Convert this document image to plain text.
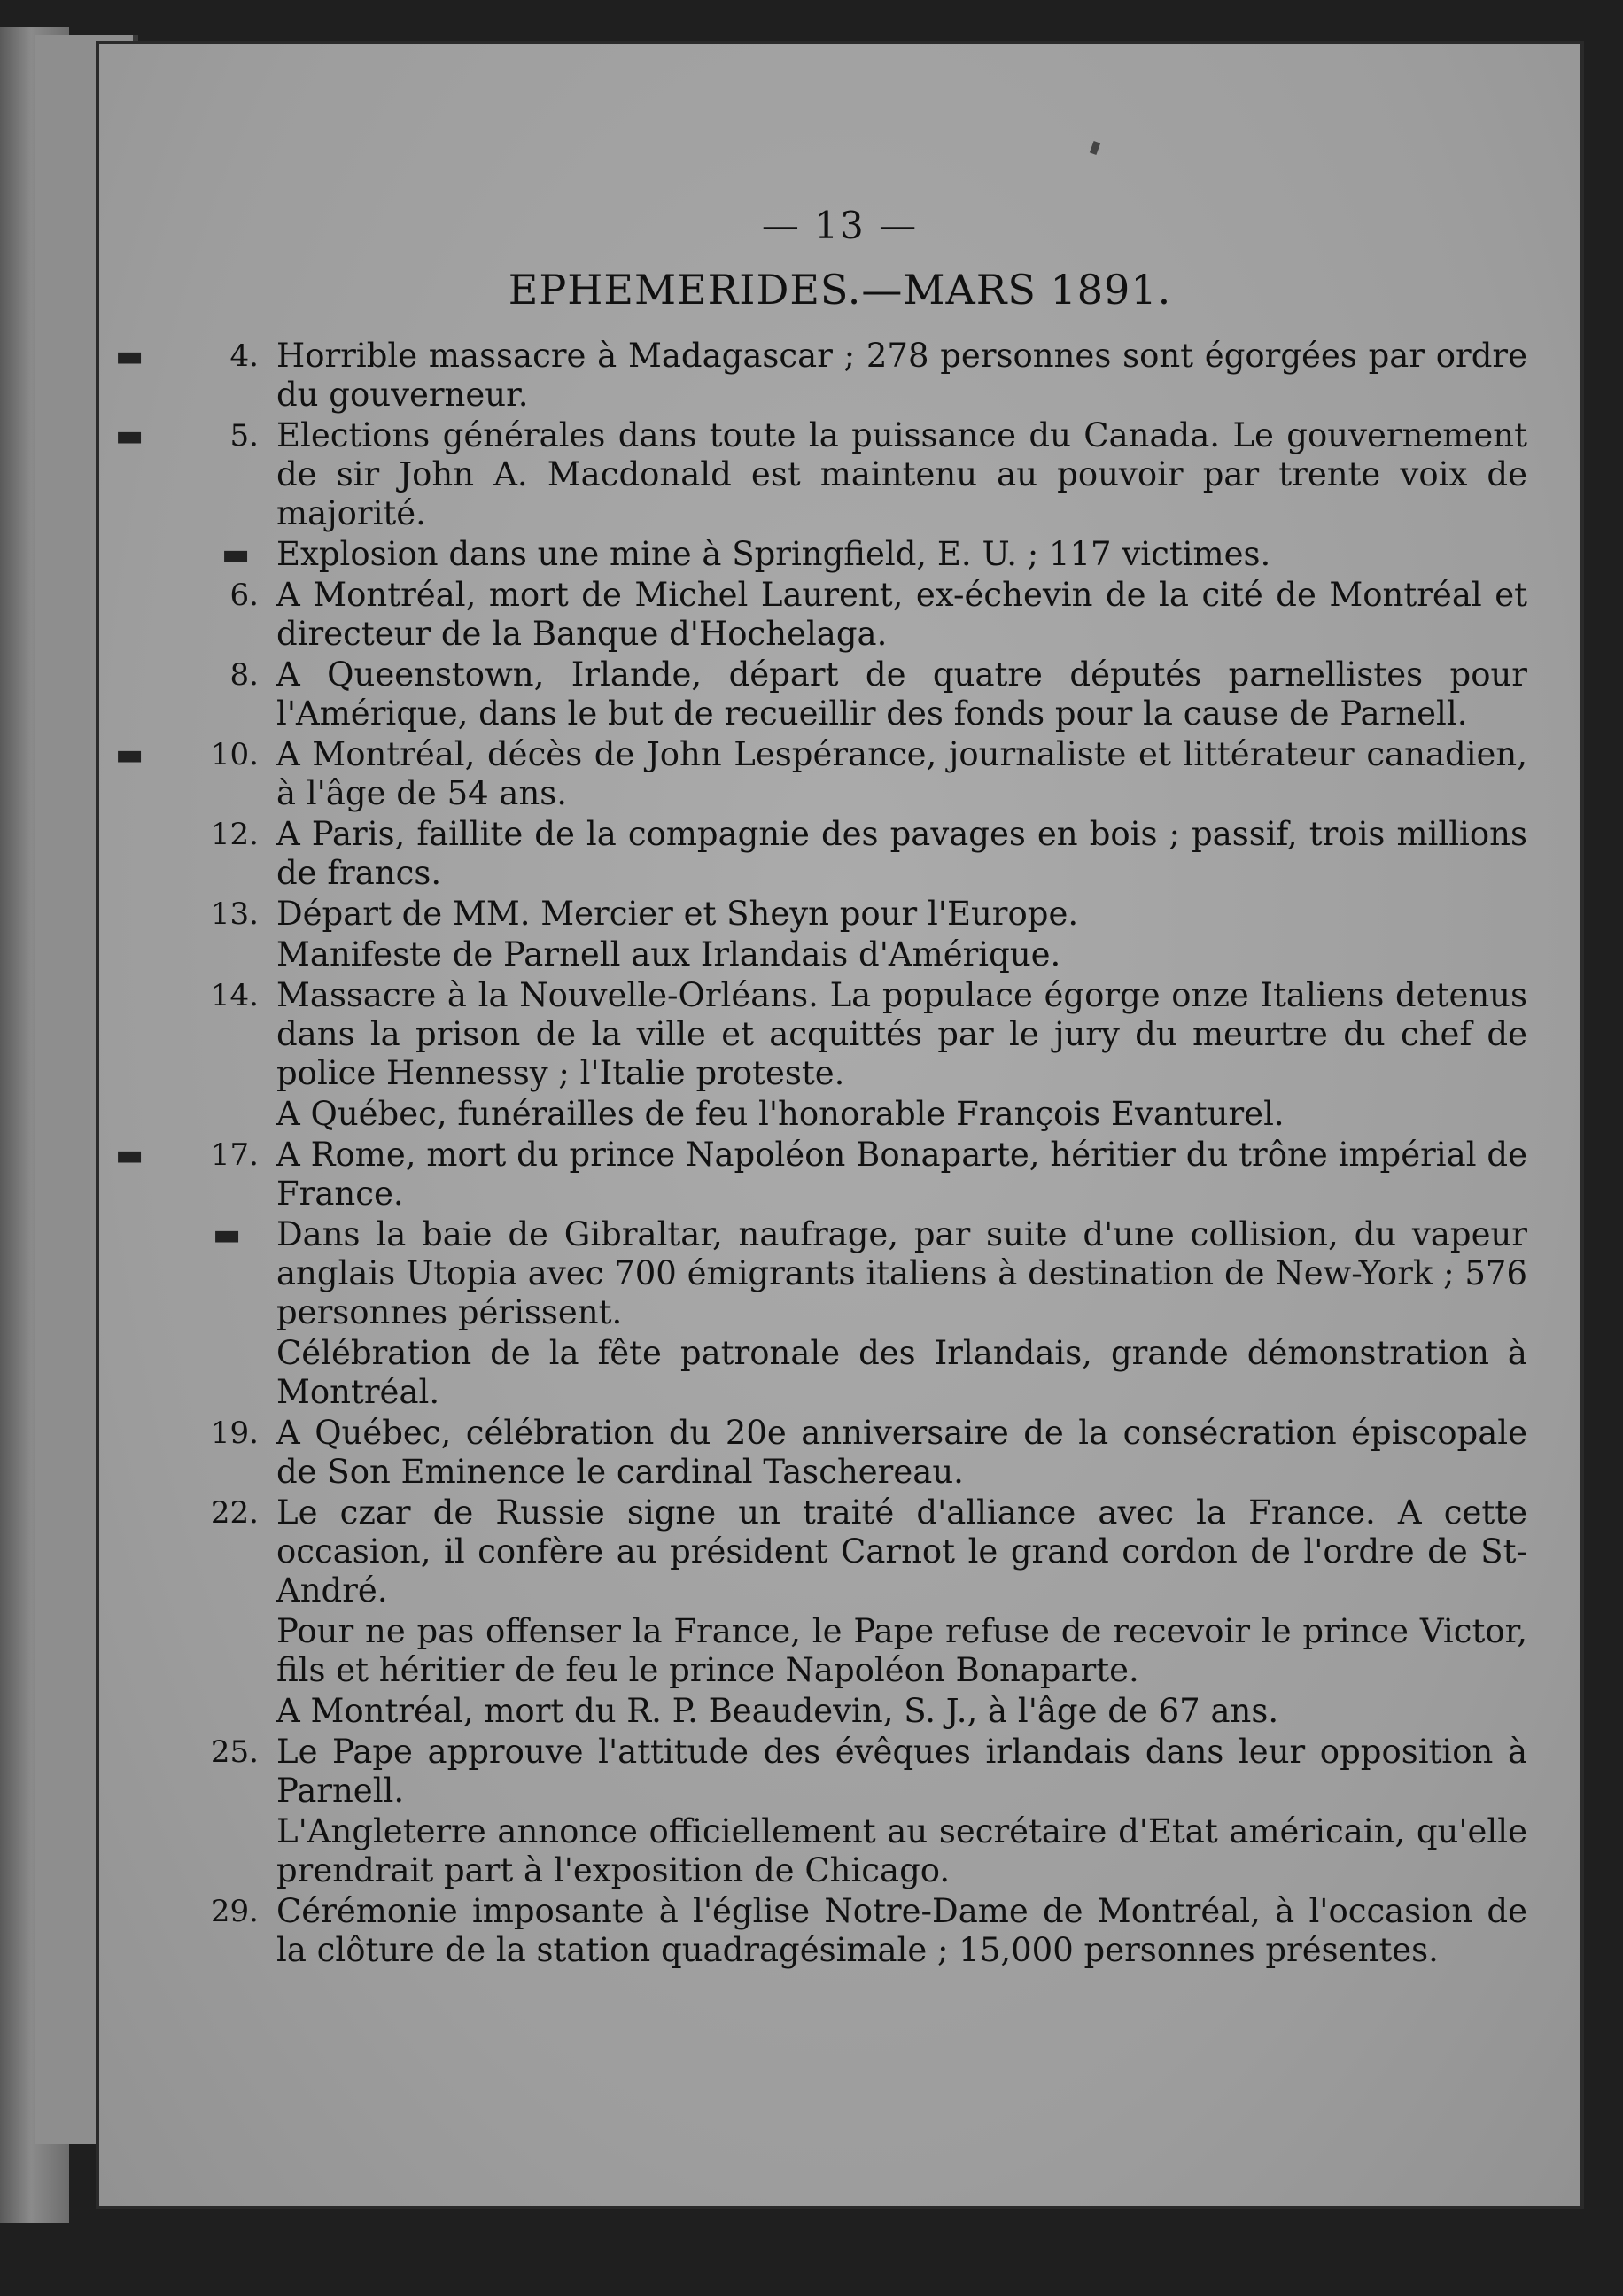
— 13 —
EPHEMERIDES.—MARS 1891.
▬	4. Horrible massacre à Madagascar ; 278 personnes sont égorgées par ordre du gouverneur.
▬	5. Elections générales dans toute la puissance du Canada. Le gouvernement de sir John A. Macdonald est maintenu au pouvoir par trente voix de majorité.
▬ Explosion dans une mine à Springfield, E. U. ; 117 victimes.
6. A Montréal, mort de Michel Laurent, ex-échevin de la cité de Montréal et directeur de la Banque d'Hochelaga.
8. A Queenstown, Irlande, départ de quatre députés parnellistes pour l'Amérique, dans le but de recueillir des fonds pour la cause de Parnell.
▬	10. A Montréal, décès de John Lespérance, journaliste et littérateur canadien, à l'âge de 54 ans.
12. A Paris, faillite de la compagnie des pavages en bois ; passif, trois millions de francs.
13. Départ de MM. Mercier et Sheyn pour l'Europe.
Manifeste de Parnell aux Irlandais d'Amérique.
14. Massacre à la Nouvelle-Orléans. La populace égorge onze Italiens detenus dans la prison de la ville et acquittés par le jury du meurtre du chef de police Hennessy ; l'Italie proteste.
A Québec, funérailles de feu l'honorable François Evanturel.
▬	17. A Rome, mort du prince Napoléon Bonaparte, héritier du trône impérial de France.
▬ Dans la baie de Gibraltar, naufrage, par suite d'une collision, du vapeur anglais Utopia avec 700 émigrants italiens à destination de New-York ; 576 personnes périssent.
Célébration de la fête patronale des Irlandais, grande démonstration à Montréal.
19. A Québec, célébration du 20e anniversaire de la consécration épiscopale de Son Eminence le cardinal Taschereau.
22. Le czar de Russie signe un traité d'alliance avec la France. A cette occasion, il confère au président Carnot le grand cordon de l'ordre de St-André.
Pour ne pas offenser la France, le Pape refuse de recevoir le prince Victor, fils et héritier de feu le prince Napoléon Bonaparte.
A Montréal, mort du R. P. Beaudevin, S. J., à l'âge de 67 ans.
25. Le Pape approuve l'attitude des évêques irlandais dans leur opposition à Parnell.
L'Angleterre annonce officiellement au secrétaire d'Etat américain, qu'elle prendrait part à l'exposition de Chicago.
29. Cérémonie imposante à l'église Notre-Dame de Montréal, à l'occasion de la clôture de la station quadragésimale ; 15,000 personnes présentes.
